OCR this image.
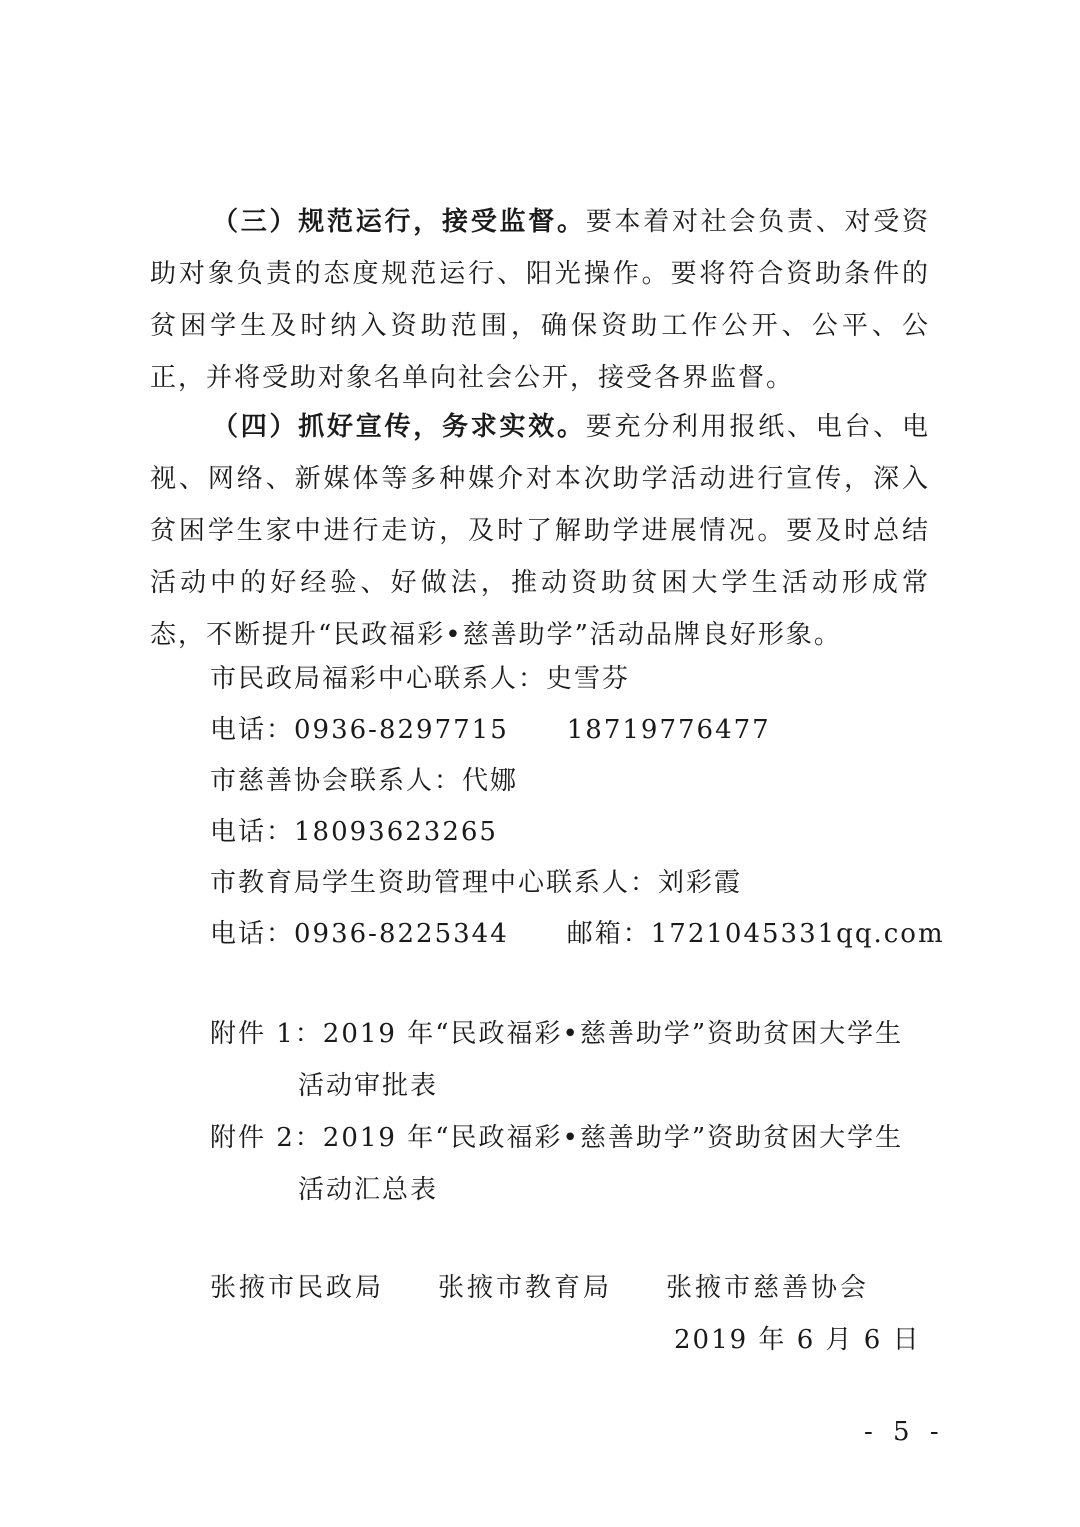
（三）规范运行，接受监督。要本着对社会负责、对受资助对象负责的态度规范运行、阳光操作。要将符合资助条件的贫困学生及时纳入资助范围，确保资助工作公开、公平、公正，并将受助对象名单向社会公开，接受各界监督。

（四）抓好宣传，务求实效。要充分利用报纸、电台、电视、网络、新媒体等多种媒介对本次助学活动进行宣传，深入贫困学生家中进行走访，及时了解助学进展情况。要及时总结活动中的好经验、好做法，推动资助贫困大学生活动形成常态，不断提升“民政福彩•慈善助学”活动品牌良好形象。

市民政局福彩中心联系人：史雪芬
电话：0936-8297715 18719776477
市慈善协会联系人：代娜
电话：18093623265
市教育局学生资助管理中心联系人：刘彩霞
电话：0936-8225344 邮箱：1721045331qq.com
附件 1：2019 年“民政福彩•慈善助学”资助贫困大学生
活动审批表
附件 2：2019 年“民政福彩•慈善助学”资助贫困大学生
活动汇总表
张掖市民政局 张掖市教育局 张掖市慈善协会
2019 年 6 月 6 日
- 5 -
